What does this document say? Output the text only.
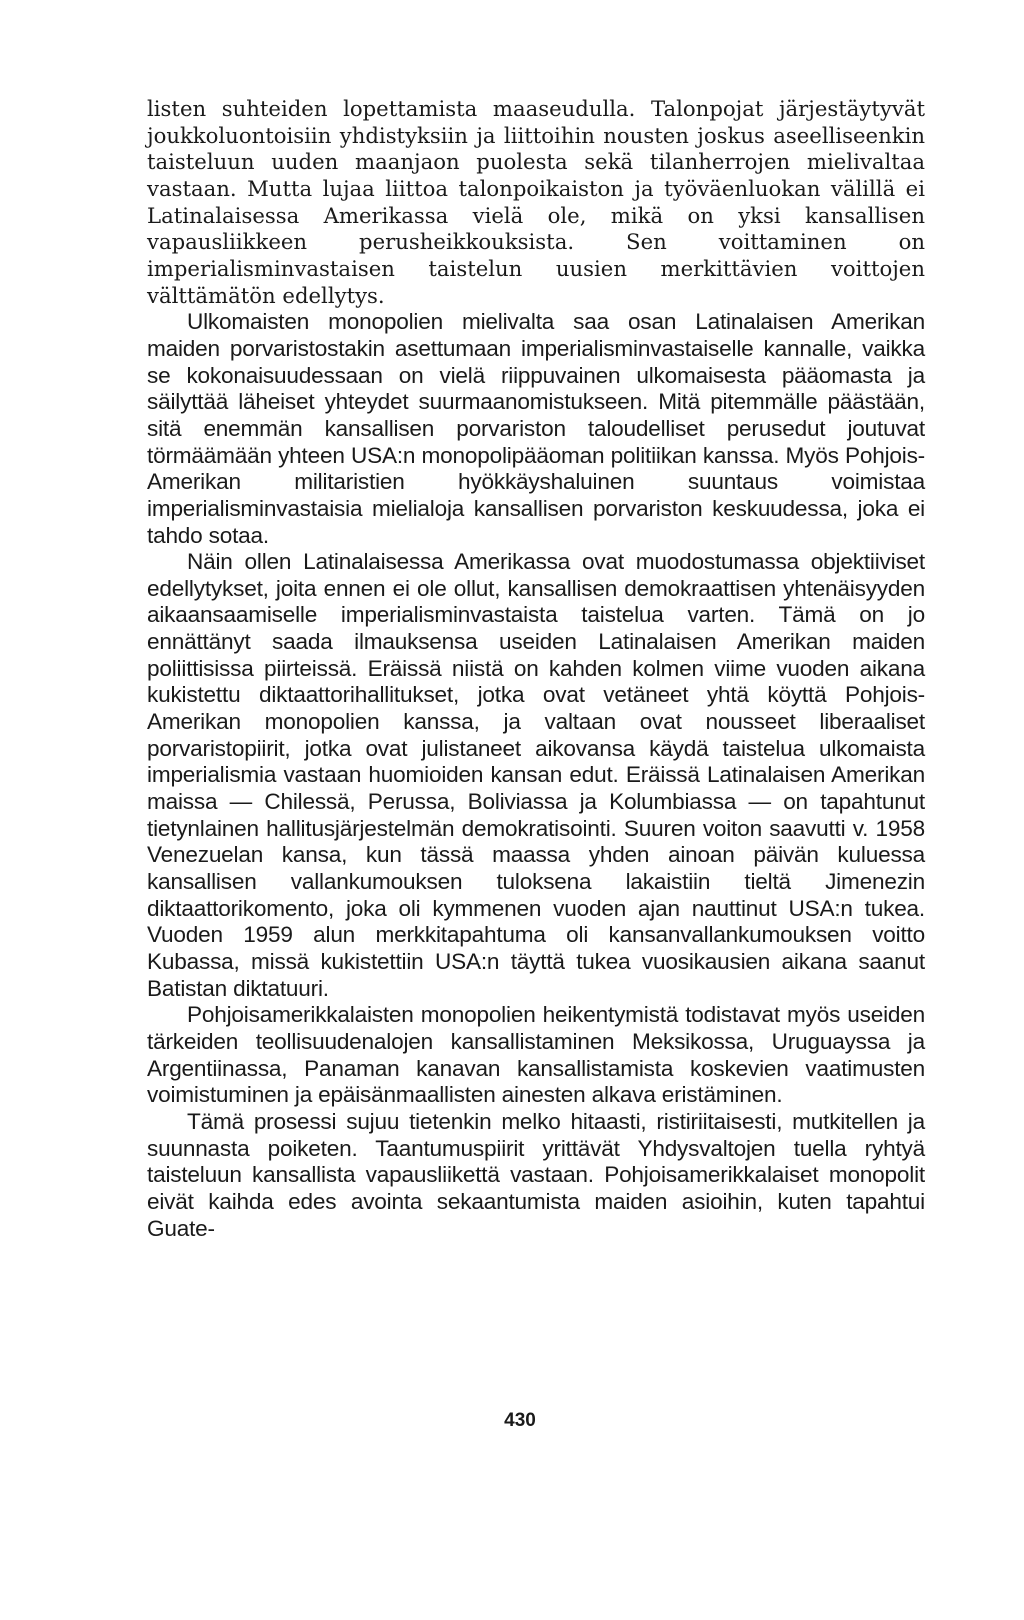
listen suhteiden lopettamista maaseudulla. Talonpojat järjestäytyvät joukkoluontoisiin yhdistyksiin ja liittoihin nousten joskus aseelliseenkin taisteluun uuden maanjaon puolesta sekä tilanherrojen mielivaltaa vastaan. Mutta lujaa liittoa talonpoikaiston ja työväenluokan välillä ei Latinalaisessa Amerikassa vielä ole, mikä on yksi kansallisen vapausliikkeen perusheikkouksista. Sen voittaminen on imperialisminvastaisen taistelun uusien merkittävien voittojen välttämätön edellytys.

Ulkomaisten monopolien mielivalta saa osan Latinalaisen Amerikan maiden porvaristostakin asettumaan imperialisminvastaiselle kannalle, vaikka se kokonaisuudessaan on vielä riippuvainen ulkomaisesta pääomasta ja säilyttää läheiset yhteydet suurmaanomistukseen. Mitä pitemmälle päästään, sitä enemmän kansallisen porvariston taloudelliset perusedut joutuvat törmäämään yhteen USA:n monopolipääoman politiikan kanssa. Myös Pohjois-Amerikan militaristien hyökkäyshaluinen suuntaus voimistaa imperialisminvastaisia mielialoja kansallisen porvariston keskuudessa, joka ei tahdo sotaa.

Näin ollen Latinalaisessa Amerikassa ovat muodostumassa objektiiviset edellytykset, joita ennen ei ole ollut, kansallisen demokraattisen yhtenäisyyden aikaansaamiselle imperialisminvastaista taistelua varten. Tämä on jo ennättänyt saada ilmauksensa useiden Latinalaisen Amerikan maiden poliittisissa piirteissä. Eräissä niistä on kahden kolmen viime vuoden aikana kukistettu diktaattorihallitukset, jotka ovat vetäneet yhtä köyttä Pohjois-Amerikan monopolien kanssa, ja valtaan ovat nousseet liberaaliset porvaristopiirit, jotka ovat julistaneet aikovansa käydä taistelua ulkomaista imperialismia vastaan huomioiden kansan edut. Eräissä Latinalaisen Amerikan maissa — Chilessä, Perussa, Boliviassa ja Kolumbiassa — on tapahtunut tietynlainen hallitusjärjestelmän demokratisointi. Suuren voiton saavutti v. 1958 Venezuelan kansa, kun tässä maassa yhden ainoan päivän kuluessa kansallisen vallankumouksen tuloksena lakaistiin tieltä Jimenezin diktaattorikomento, joka oli kymmenen vuoden ajan nauttinut USA:n tukea. Vuoden 1959 alun merkkitapahtuma oli kansanvallankumouksen voitto Kubassa, missä kukistettiin USA:n täyttä tukea vuosikausien aikana saanut Batistan diktatuuri.

Pohjoisamerikkalaisten monopolien heikentymistä todistavat myös useiden tärkeiden teollisuudenalojen kansallistaminen Meksikossa, Uruguayssa ja Argentiinassa, Panaman kanavan kansallistamista koskevien vaatimusten voimistuminen ja epäisänmaallisten ainesten alkava eristäminen.

Tämä prosessi sujuu tietenkin melko hitaasti, ristiriitaisesti, mutkitellen ja suunnasta poiketen. Taantumuspiirit yrittävät Yhdysvaltojen tuella ryhtyä taisteluun kansallista vapausliikettä vastaan. Pohjoisamerikkalaiset monopolit eivät kaihda edes avointa sekaantumista maiden asioihin, kuten tapahtui Guate-

430
